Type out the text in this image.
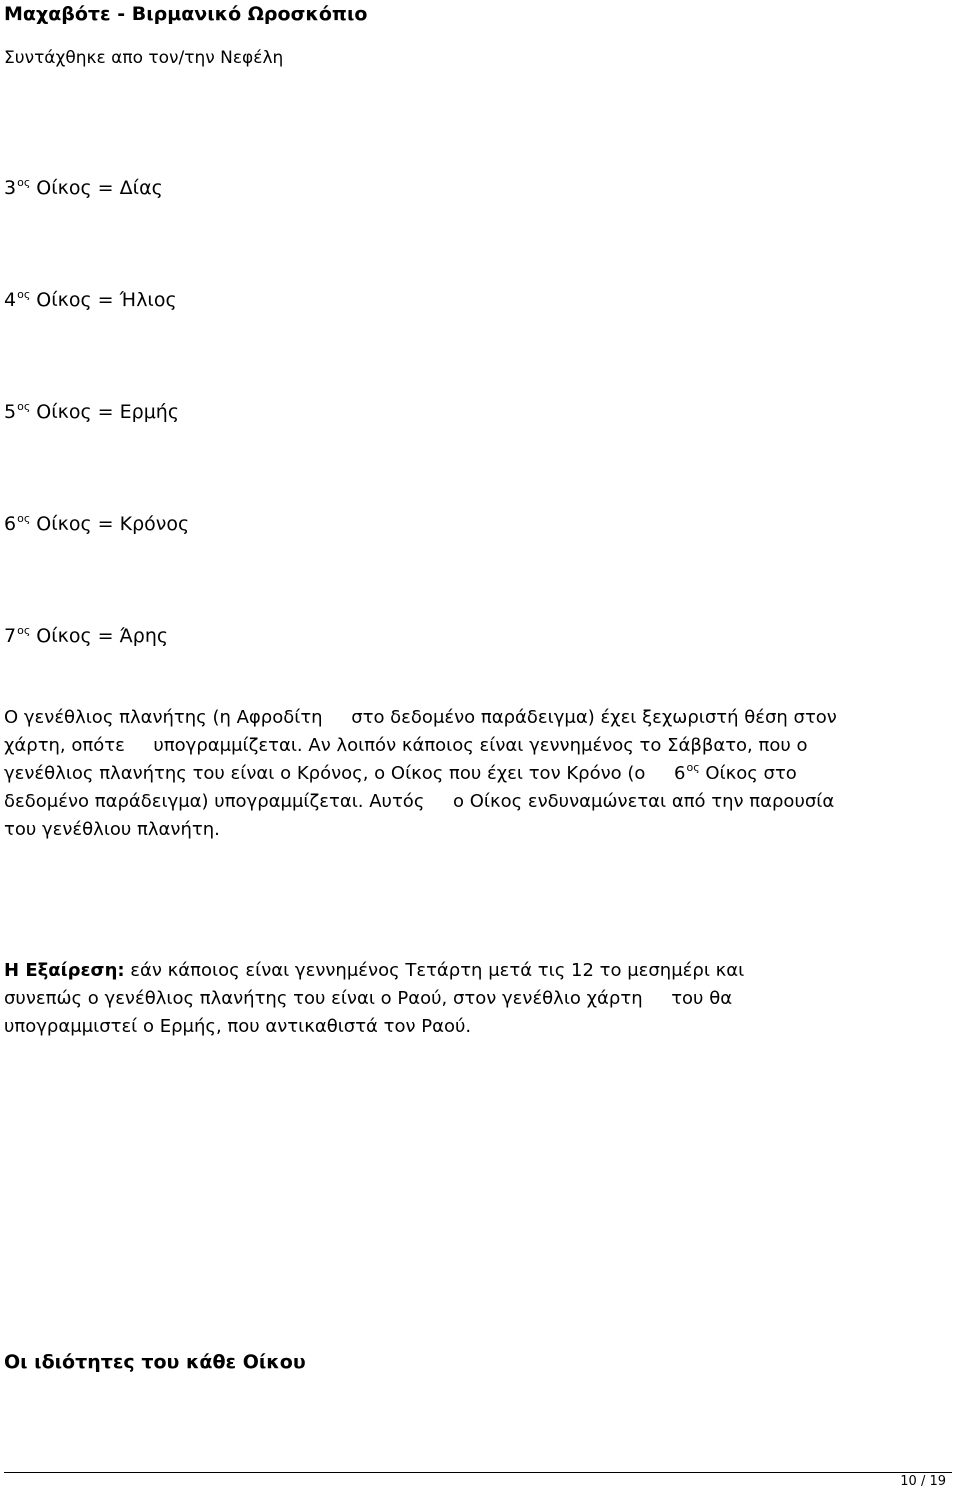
Μαχαβότε - Βιρμανικό Ωροσκόπιο
Συντάχθηκε απο τον/την Νεφέλη
$3^{o\varsigma}$ Οίκος = Δίας
$4^{o\varsigma}$ Οίκος = Ήλιος
$5^{o\varsigma}$ Οίκος = Ερμής
$6^{o\varsigma}$ Οίκος = Κρόνος
$7^{o\varsigma}$ Οίκος = Άρης
Ο γενέθλιος πλανήτης (η Αφροδίτη     στο δεδομένο παράδειγμα) έχει ξεχωριστή θέση στον
χάρτη, οπότε     υπογραμμίζεται. Αν λοιπόν κάποιος είναι γεννημένος το Σάββατο, που ο
γενέθλιος πλανήτης του είναι ο Κρόνος, ο Οίκος που έχει τον Κρόνο (ο     $6^{o\varsigma}$ Οίκος στο
δεδομένο παράδειγμα) υπογραμμίζεται. Αυτός     ο Οίκος ενδυναμώνεται από την παρουσία
του γενέθλιου πλανήτη.
Η Εξαίρεση: εάν κάποιος είναι γεννημένος Τετάρτη μετά τις 12 το μεσημέρι και
συνεπώς ο γενέθλιος πλανήτης του είναι ο Ραού, στον γενέθλιο χάρτη     του θα
υπογραμμιστεί ο Ερμής, που αντικαθιστά τον Ραού.
Οι ιδιότητες του κάθε Οίκου
10 / 19
